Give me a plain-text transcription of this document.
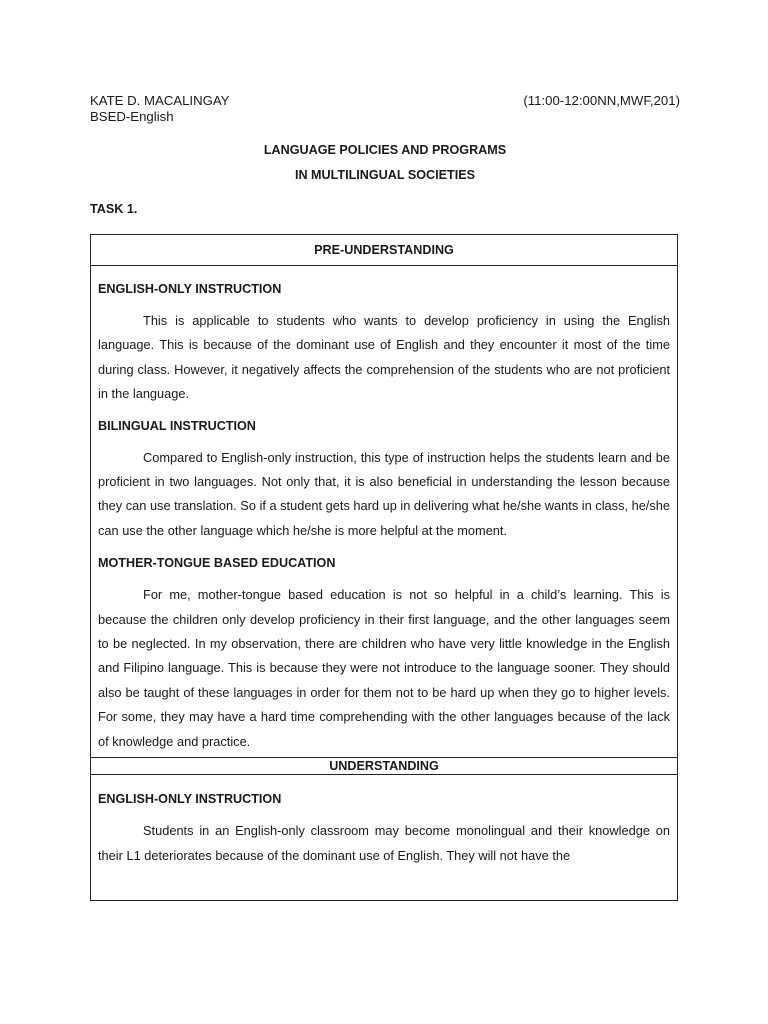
KATE D. MACALINGAY	(11:00-12:00NN,MWF,201)
BSED-English
LANGUAGE POLICIES AND PROGRAMS
IN MULTILINGUAL SOCIETIES
TASK 1.
PRE-UNDERSTANDING
ENGLISH-ONLY INSTRUCTION

This is applicable to students who wants to develop proficiency in using the English language. This is because of the dominant use of English and they encounter it most of the time during class. However, it negatively affects the comprehension of the students who are not proficient in the language.

BILINGUAL INSTRUCTION

Compared to English-only instruction, this type of instruction helps the students learn and be proficient in two languages. Not only that, it is also beneficial in understanding the lesson because they can use translation. So if a student gets hard up in delivering what he/she wants in class, he/she can use the other language which he/she is more helpful at the moment.

MOTHER-TONGUE BASED EDUCATION

For me, mother-tongue based education is not so helpful in a child’s learning. This is because the children only develop proficiency in their first language, and the other languages seem to be neglected. In my observation, there are children who have very little knowledge in the English and Filipino language. This is because they were not introduce to the language sooner. They should also be taught of these languages in order for them not to be hard up when they go to higher levels. For some, they may have a hard time comprehending with the other languages because of the lack of knowledge and practice.

UNDERSTANDING
ENGLISH-ONLY INSTRUCTION

Students in an English-only classroom may become monolingual and their knowledge on their L1 deteriorates because of the dominant use of English. They will not have the
